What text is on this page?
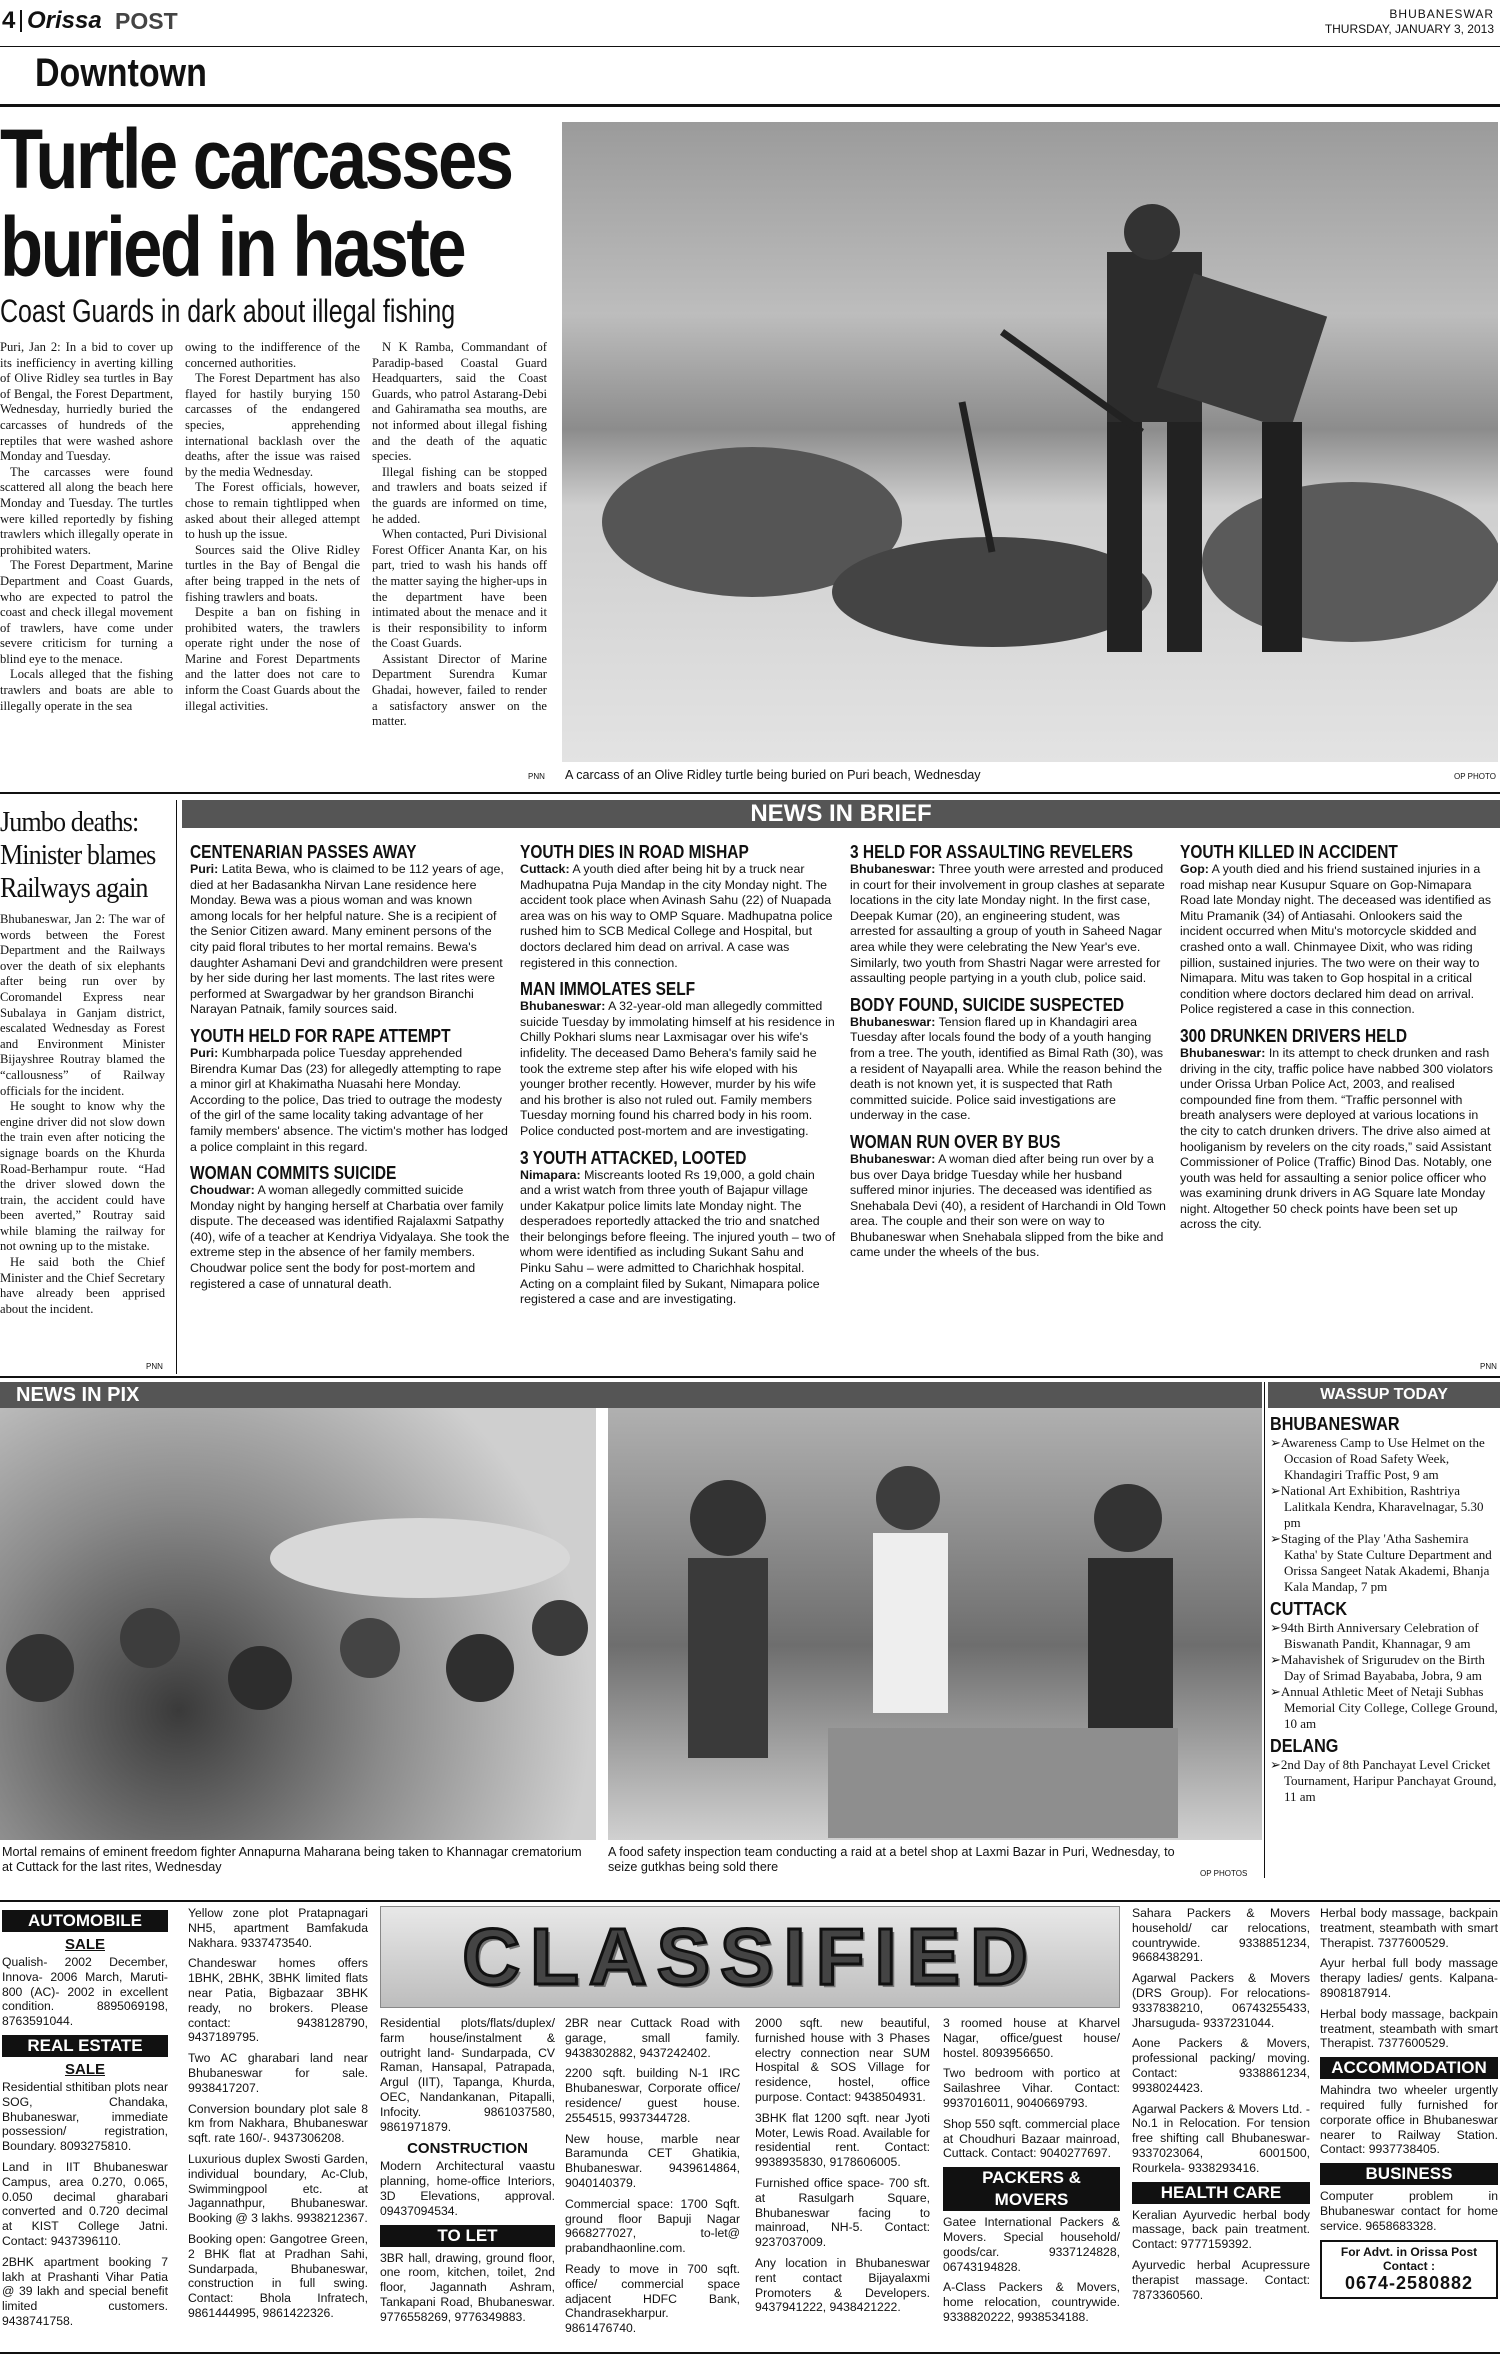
4 Orissa POST	BHUBANESWAR
THURSDAY, JANUARY 3, 2013
Downtown
Turtle carcasses
buried in haste
Coast Guards in dark about illegal fishing

Puri, Jan 2: In a bid to cover up its inefficiency in averting killing of Olive Ridley sea turtles in Bay of Bengal, the Forest Department, Wednesday, hurriedly buried the carcasses of hundreds of the reptiles that were washed ashore Monday and Tuesday.

The carcasses were found scattered all along the beach here Monday and Tuesday. The turtles were killed reportedly by fishing trawlers which illegally operate in prohibited waters.

The Forest Department, Marine Department and Coast Guards, who are expected to patrol the coast and check illegal movement of trawlers, have come under severe criticism for turning a blind eye to the menace.

Locals alleged that the fishing trawlers and boats are able to illegally operate in the sea

owing to the indifference of the concerned authorities.

The Forest Department has also flayed for hastily burying 150 carcasses of the endangered species, apprehending international backlash over the deaths, after the issue was raised by the media Wednesday.

The Forest officials, however, chose to remain tightlipped when asked about their alleged attempt to hush up the issue.

Sources said the Olive Ridley turtles in the Bay of Bengal die after being trapped in the nets of fishing trawlers and boats.

Despite a ban on fishing in prohibited waters, the trawlers operate right under the nose of Marine and Forest Departments and the latter does not care to inform the Coast Guards about the illegal activities.

N K Ramba, Commandant of Paradip-based Coastal Guard Headquarters, said the Coast Guards, who patrol Astarang-Debi and Gahiramatha sea mouths, are not informed about illegal fishing and the death of the aquatic species.

Illegal fishing can be stopped and trawlers and boats seized if the guards are informed on time, he added.

When contacted, Puri Divisional Forest Officer Ananta Kar, on his part, tried to wash his hands off the matter saying the higher-ups in the department have been intimated about the menace and it is their responsibility to inform the Coast Guards.

Assistant Director of Marine Department Surendra Kumar Ghadai, however, failed to render a satisfactory answer on the matter.

PNN A carcass of an Olive Ridley turtle being buried on Puri beach, Wednesday	OP PHOTO
Jumbo deaths: Minister blames Railways again

Bhubaneswar, Jan 2: The war of words between the Forest Department and the Railways over the death of six elephants after being run over by Coromandel Express near Subalaya in Ganjam district, escalated Wednesday as Forest and Environment Minister Bijayshree Routray blamed the “callousness” of Railway officials for the incident.

He sought to know why the engine driver did not slow down the train even after noticing the signage boards on the Khurda Road-Berhampur route. “Had the driver slowed down the train, the accident could have been averted,” Routray said while blaming the railway for not owning up to the mistake.

He said both the Chief Minister and the Chief Secretary have already been apprised about the incident.

PNN
NEWS IN BRIEF
CENTENARIAN PASSES AWAY

Puri: Latita Bewa, who is claimed to be 112 years of age, died at her Badasankha Nirvan Lane residence here Monday. Bewa was a pious woman and was known among locals for her helpful nature. She is a recipient of the Senior Citizen award. Many eminent persons of the city paid floral tributes to her mortal remains. Bewa's daughter Ashamani Devi and grandchildren were present by her side during her last moments. The last rites were performed at Swargadwar by her grandson Biranchi Narayan Patnaik, family sources said.

YOUTH HELD FOR RAPE ATTEMPT

Puri: Kumbharpada police Tuesday apprehended Birendra Kumar Das (23) for allegedly attempting to rape a minor girl at Khakimatha Nuasahi here Monday. According to the police, Das tried to outrage the modesty of the girl of the same locality taking advantage of her family members' absence. The victim's mother has lodged a police complaint in this regard.

WOMAN COMMITS SUICIDE

Choudwar: A woman allegedly committed suicide Monday night by hanging herself at Charbatia over family dispute. The deceased was identified Rajalaxmi Satpathy (40), wife of a teacher at Kendriya Vidyalaya. She took the extreme step in the absence of her family members. Choudwar police sent the body for post-mortem and registered a case of unnatural death.

YOUTH DIES IN ROAD MISHAP

Cuttack: A youth died after being hit by a truck near Madhupatna Puja Mandap in the city Monday night. The accident took place when Avinash Sahu (22) of Nuapada area was on his way to OMP Square. Madhupatna police rushed him to SCB Medical College and Hospital, but doctors declared him dead on arrival. A case was registered in this connection.

MAN IMMOLATES SELF

Bhubaneswar: A 32-year-old man allegedly committed suicide Tuesday by immolating himself at his residence in Chilly Pokhari slums near Laxmisagar over his wife's infidelity. The deceased Damo Behera's family said he took the extreme step after his wife eloped with his younger brother recently. However, murder by his wife and his brother is also not ruled out. Family members Tuesday morning found his charred body in his room. Police conducted post-mortem and are investigating.

3 YOUTH ATTACKED, LOOTED

Nimapara: Miscreants looted Rs 19,000, a gold chain and a wrist watch from three youth of Bajapur village under Kakatpur police limits late Monday night. The desperadoes reportedly attacked the trio and snatched their belongings before fleeing. The injured youth – two of whom were identified as including Sukant Sahu and Pinku Sahu – were admitted to Charichhak hospital. Acting on a complaint filed by Sukant, Nimapara police registered a case and are investigating.

3 HELD FOR ASSAULTING REVELERS

Bhubaneswar: Three youth were arrested and produced in court for their involvement in group clashes at separate locations in the city late Monday night. In the first case, Deepak Kumar (20), an engineering student, was arrested for assaulting a group of youth in Saheed Nagar area while they were celebrating the New Year's eve. Similarly, two youth from Shastri Nagar were arrested for assaulting people partying in a youth club, police said.

BODY FOUND, SUICIDE SUSPECTED

Bhubaneswar: Tension flared up in Khandagiri area Tuesday after locals found the body of a youth hanging from a tree. The youth, identified as Bimal Rath (30), was a resident of Nayapalli area. While the reason behind the death is not known yet, it is suspected that Rath committed suicide. Police said investigations are underway in the case.

WOMAN RUN OVER BY BUS

Bhubaneswar: A woman died after being run over by a bus over Daya bridge Tuesday while her husband suffered minor injuries. The deceased was identified as Snehabala Devi (40), a resident of Harchandi in Old Town area. The couple and their son were on way to Bhubaneswar when Snehabala slipped from the bike and came under the wheels of the bus.

YOUTH KILLED IN ACCIDENT

Gop: A youth died and his friend sustained injuries in a road mishap near Kusupur Square on Gop-Nimapara Road late Monday night. The deceased was identified as Mitu Pramanik (34) of Antiasahi. Onlookers said the incident occurred when Mitu's motorcycle skidded and crashed onto a wall. Chinmayee Dixit, who was riding pillion, sustained injuries. The two were on their way to Nimapara. Mitu was taken to Gop hospital in a critical condition where doctors declared him dead on arrival. Police registered a case in this connection.

300 DRUNKEN DRIVERS HELD

Bhubaneswar: In its attempt to check drunken and rash driving in the city, traffic police have nabbed 300 violators under Orissa Urban Police Act, 2003, and realised compounded fine from them. “Traffic personnel with breath analysers were deployed at various locations in the city to catch drunken drivers. The drive also aimed at hooliganism by revelers on the city roads,” said Assistant Commissioner of Police (Traffic) Binod Das. Notably, one youth was held for assaulting a senior police officer who was examining drunk drivers in AG Square late Monday night. Altogether 50 check points have been set up across the city.

PNN
NEWS IN PIX
Mortal remains of eminent freedom fighter Annapurna Maharana being taken to Khannagar crematorium at Cuttack for the last rites, Wednesday
A food safety inspection team conducting a raid at a betel shop at Laxmi Bazar in Puri, Wednesday, to seize gutkhas being sold there	OP PHOTOS
WASSUP TODAY
BHUBANESWAR
➢Awareness Camp to Use Helmet on the Occasion of Road Safety Week, Khandagiri Traffic Post, 9 am
➢National Art Exhibition, Rashtriya Lalitkala Kendra, Kharavelnagar, 5.30 pm
➢Staging of the Play 'Atha Sashemira Katha' by State Culture Department and Orissa Sangeet Natak Akademi, Bhanja Kala Mandap, 7 pm
CUTTACK
➢94th Birth Anniversary Celebration of Biswanath Pandit, Khannagar, 9 am
➢Mahavishek of Srigurudev on the Birth Day of Srimad Bayababa, Jobra, 9 am
➢Annual Athletic Meet of Netaji Subhas Memorial City College, College Ground, 10 am
DELANG
➢2nd Day of 8th Panchayat Level Cricket Tournament, Haripur Panchayat Ground, 11 am
AUTOMOBILE
SALE

Qualish- 2002 December, Innova- 2006 March, Maruti-800 (AC)- 2002 in excellent condition. 8895069198, 8763591044.

REAL ESTATE
SALE

Residential sthitiban plots near SOG, Chandaka, Bhubaneswar, immediate possession/ registration, Boundary. 8093275810.

Land in IIT Bhubaneswar Campus, area 0.270, 0.065, 0.050 decimal gharabari converted and 0.720 decimal at KIST College Jatni. Contact: 9437396110.

2BHK apartment booking 7 lakh at Prashanti Vihar Patia @ 39 lakh and special benefit limited customers. 9438741758.

Yellow zone plot Pratapnagari NH5, apartment Bamfakuda Nakhara. 9337473540.

Chandeswar homes offers 1BHK, 2BHK, 3BHK limited flats near Patia, Bigbazaar 3BHK ready, no brokers. Please contact: 9438128790, 9437189795.

Two AC gharabari land near Bhubaneswar for sale. 9938417207.

Conversion boundary plot sale 8 km from Nakhara, Bhubaneswar sqft. rate 160/-. 9437306208.

Luxurious duplex Swosti Garden, individual boundary, Ac-Club, Swimmingpool etc. at Jagannathpur, Bhubaneswar. Booking @ 3 lakhs. 9938212367.

Booking open: Gangotree Green, 2 BHK flat at Pradhan Sahi, Sundarpada, Bhubaneswar, construction in full swing. Contact: Bhola Infratech, 9861444995, 9861422326.

CLASSIFIED

Residential plots/flats/duplex/ farm house/instalment & outright land- Sundarpada, CV Raman, Hansapal, Patrapada, Argul (IIT), Tapanga, Khurda, OEC, Nandankanan, Pitapalli, Infocity. 9861037580, 9861971879.

CONSTRUCTION

Modern Architectural vaastu planning, home-office Interiors, 3D Elevations, approval. 09437094534.

TO LET

3BR hall, drawing, ground floor, one room, kitchen, toilet, 2nd floor, Jagannath Ashram, Tankapani Road, Bhubaneswar. 9776558269, 9776349883.

2BR near Cuttack Road with garage, small family. 9438302882, 9437242402.

2200 sqft. building N-1 IRC Bhubaneswar, Corporate office/ residence/ guest house. 2554515, 9937344728.

New house, marble near Baramunda CET Ghatikia, Bhubaneswar. 9439614864, 9040140379.

Commercial space: 1700 Sqft. ground floor Bapuji Nagar 9668277027, to-let@ prabandhaonline.com.

Ready to move in 700 sqft. office/ commercial space adjacent HDFC Bank, Chandrasekharpur. 9861476740.

2000 sqft. new beautiful, furnished house with 3 Phases electry connection near SUM Hospital & SOS Village for residence, hostel, office purpose. Contact: 9438504931.

3BHK flat 1200 sqft. near Jyoti Moter, Lewis Road. Available for residential rent. Contact: 9938935830, 9178606005.

Furnished office space- 700 sft. at Rasulgarh Square, Bhubaneswar facing to mainroad, NH-5. Contact: 9237037009.

Any location in Bhubaneswar rent contact Bijayalaxmi Promoters & Developers. 9437941222, 9438421222.

3 roomed house at Kharvel Nagar, office/guest house/ hostel. 8093956650.

Two bedroom with portico at Sailashree Vihar. Contact: 9937016011, 9040669793.

Shop 550 sqft. commercial place at Choudhuri Bazaar mainroad, Cuttack. Contact: 9040277697.

PACKERS & MOVERS

Gatee International Packers & Movers. Special household/ goods/car. 9337124828, 06743194828.

A-Class Packers & Movers, home relocation, countrywide. 9338820222, 9938534188.

Sahara Packers & Movers household/ car relocations, countrywide. 9338851234, 9668438291.

Agarwal Packers & Movers (DRS Group). For relocations- 9337838210, 06743255433, Jharsuguda- 9337231044.

Aone Packers & Movers, professional packing/ moving. Contact: 9338861234, 9938024423.

Agarwal Packers & Movers Ltd. - No.1 in Relocation. For tension free shifting call Bhubaneswar- 9337023064, 6001500, Rourkela- 9338293416.

HEALTH CARE

Keralian Ayurvedic herbal body massage, back pain treatment. Contact: 9777159392.

Ayurvedic herbal Acupressure therapist massage. Contact: 7873360560.

Herbal body massage, backpain treatment, steambath with smart Therapist. 7377600529.

Ayur herbal full body massage therapy ladies/ gents. Kalpana- 8908187914.

Herbal body massage, backpain treatment, steambath with smart Therapist. 7377600529.

ACCOMMODATION

Mahindra two wheeler urgently required fully furnished for corporate office in Bhubaneswar nearer to Railway Station. Contact: 9937738405.

BUSINESS

Computer problem in Bhubaneswar contact for home service. 9658683328.

For Advt. in Orissa Post
Contact :
0674-2580882
